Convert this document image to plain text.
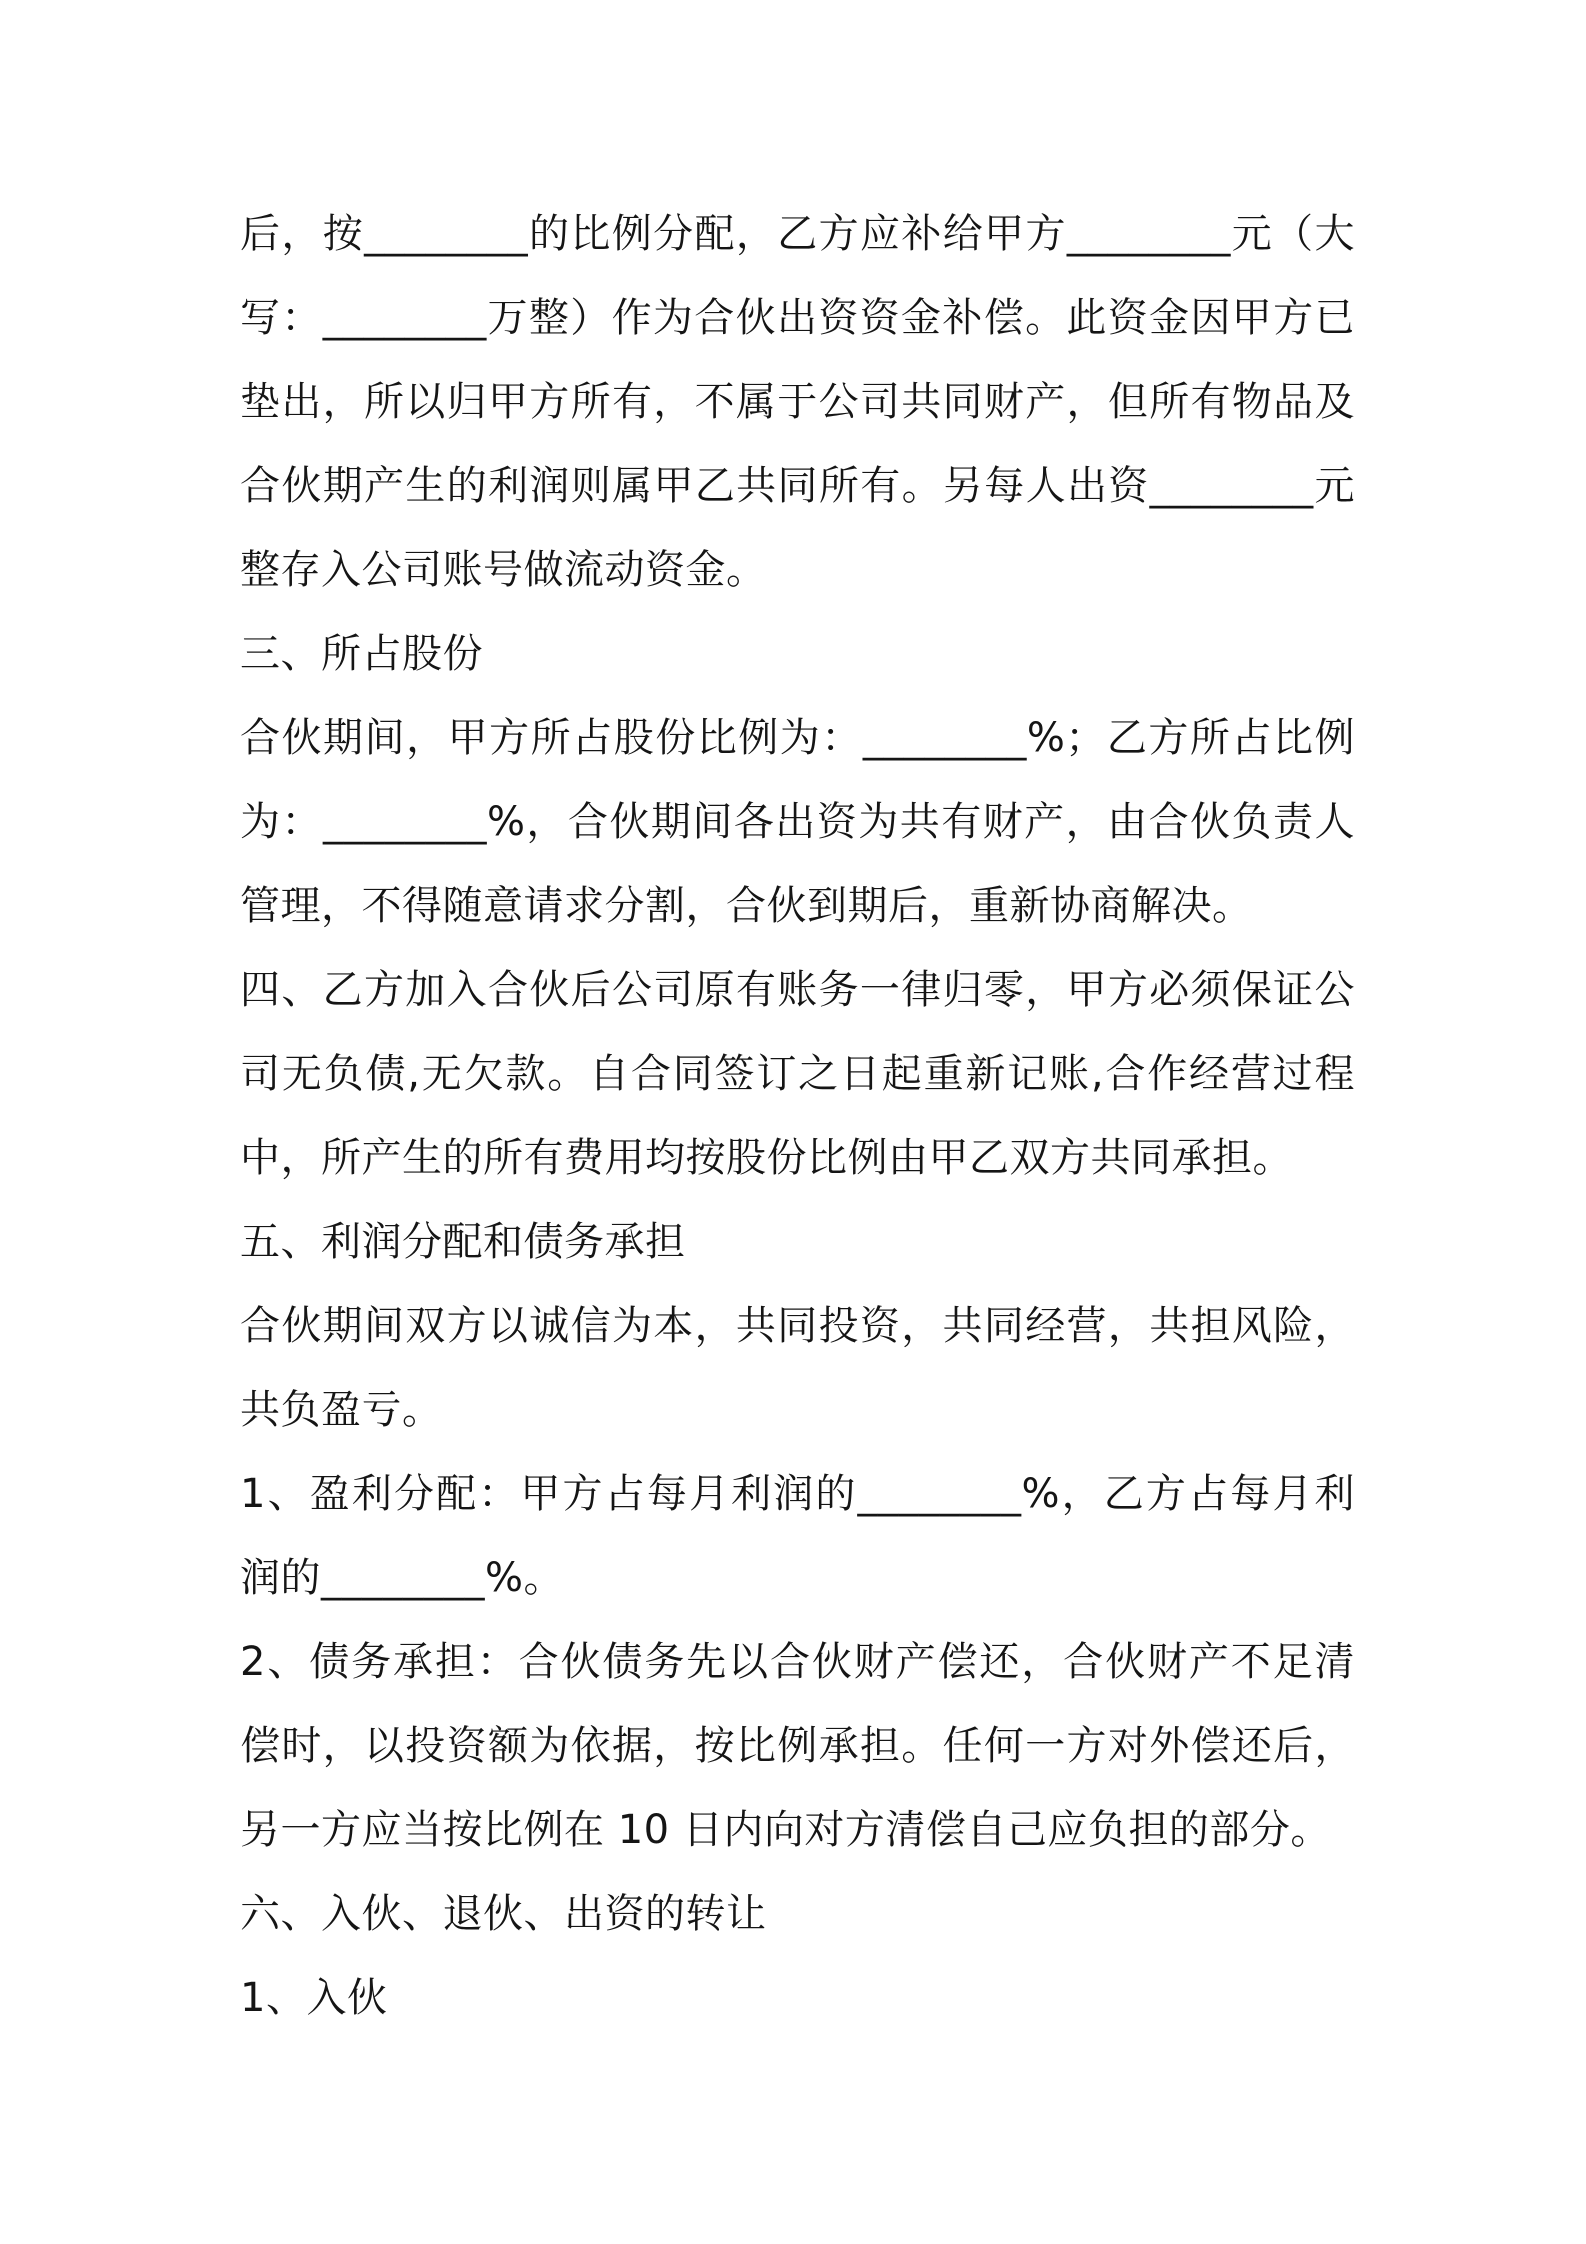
后，按________的比例分配，乙方应补给甲方________元（大写：________万整）作为合伙出资资金补偿。此资金因甲方已垫出，所以归甲方所有，不属于公司共同财产，但所有物品及合伙期产生的利润则属甲乙共同所有。另每人出资________元整存入公司账号做流动资金。

三、所占股份

合伙期间，甲方所占股份比例为：________%；乙方所占比例为：________%，合伙期间各出资为共有财产，由合伙负责人管理，不得随意请求分割，合伙到期后，重新协商解决。

四、乙方加入合伙后公司原有账务一律归零，甲方必须保证公司无负债,无欠款。自合同签订之日起重新记账,合作经营过程中，所产生的所有费用均按股份比例由甲乙双方共同承担。

五、利润分配和债务承担

合伙期间双方以诚信为本，共同投资，共同经营，共担风险，共负盈亏。

1、盈利分配：甲方占每月利润的________%，乙方占每月利润的________%。

2、债务承担：合伙债务先以合伙财产偿还，合伙财产不足清偿时，以投资额为依据，按比例承担。任何一方对外偿还后，另一方应当按比例在 10 日内向对方清偿自己应负担的部分。

六、入伙、退伙、出资的转让

1、入伙
